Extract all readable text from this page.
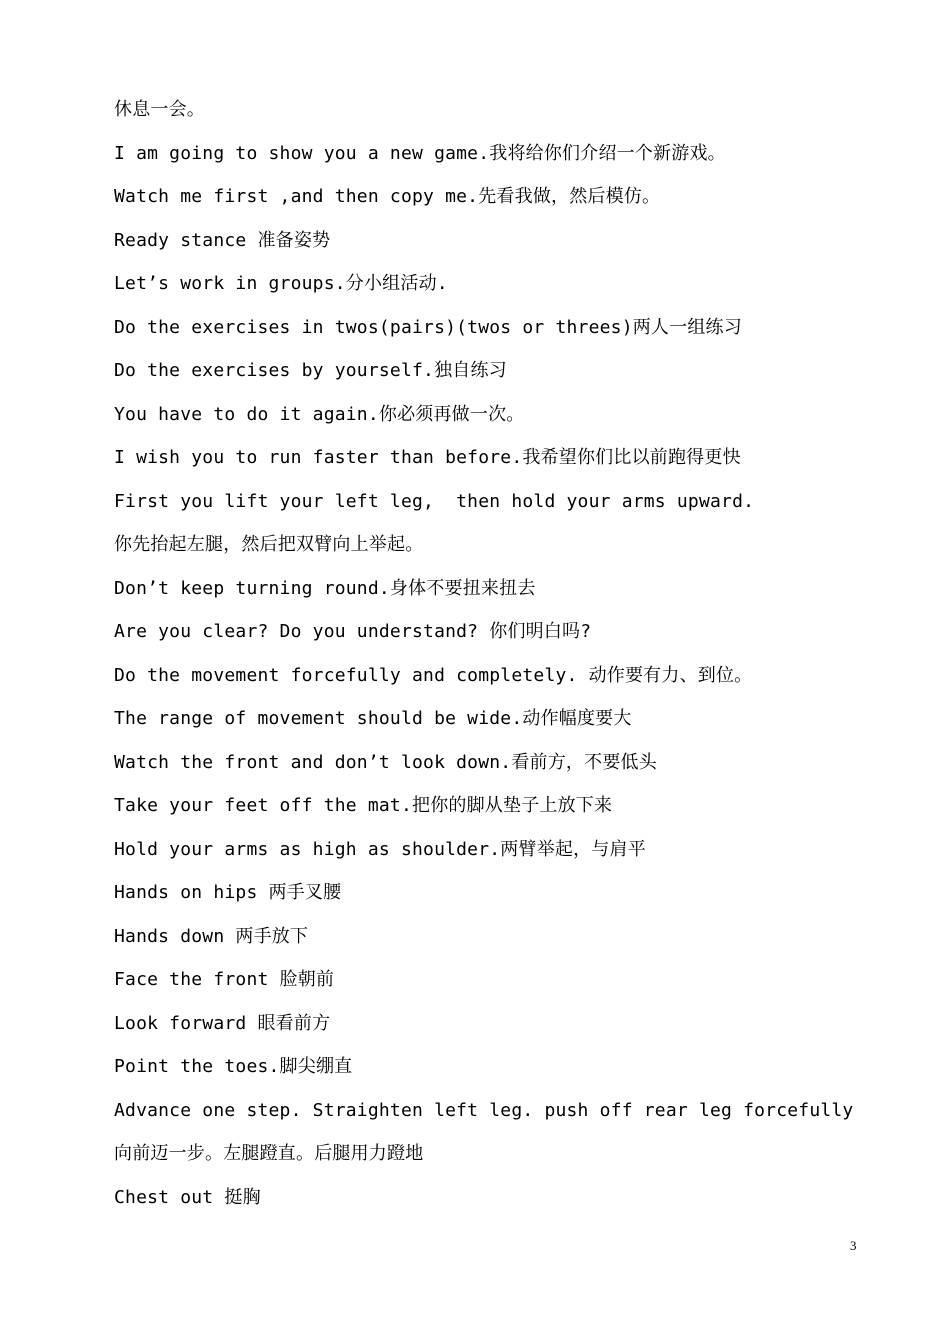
休息一会。
I am going to show you a new game.我将给你们介绍一个新游戏。
Watch me first ,and then copy me.先看我做，然后模仿。
Ready stance 准备姿势
Let’s work in groups.分小组活动.
Do the exercises in twos(pairs)(twos or threes)两人一组练习
Do the exercises by yourself.独自练习
You have to do it again.你必须再做一次。
I wish you to run faster than before.我希望你们比以前跑得更快
First you lift your left leg,  then hold your arms upward.
你先抬起左腿，然后把双臂向上举起。
Don’t keep turning round.身体不要扭来扭去
Are you clear? Do you understand? 你们明白吗?
Do the movement forcefully and completely. 动作要有力、到位。
The range of movement should be wide.动作幅度要大
Watch the front and don’t look down.看前方，不要低头
Take your feet off the mat.把你的脚从垫子上放下来
Hold your arms as high as shoulder.两臂举起，与肩平
Hands on hips 两手叉腰
Hands down 两手放下
Face the front 脸朝前
Look forward 眼看前方
Point the toes.脚尖绷直
Advance one step. Straighten left leg. push off rear leg forcefully
向前迈一步。左腿蹬直。后腿用力蹬地
Chest out 挺胸
3
